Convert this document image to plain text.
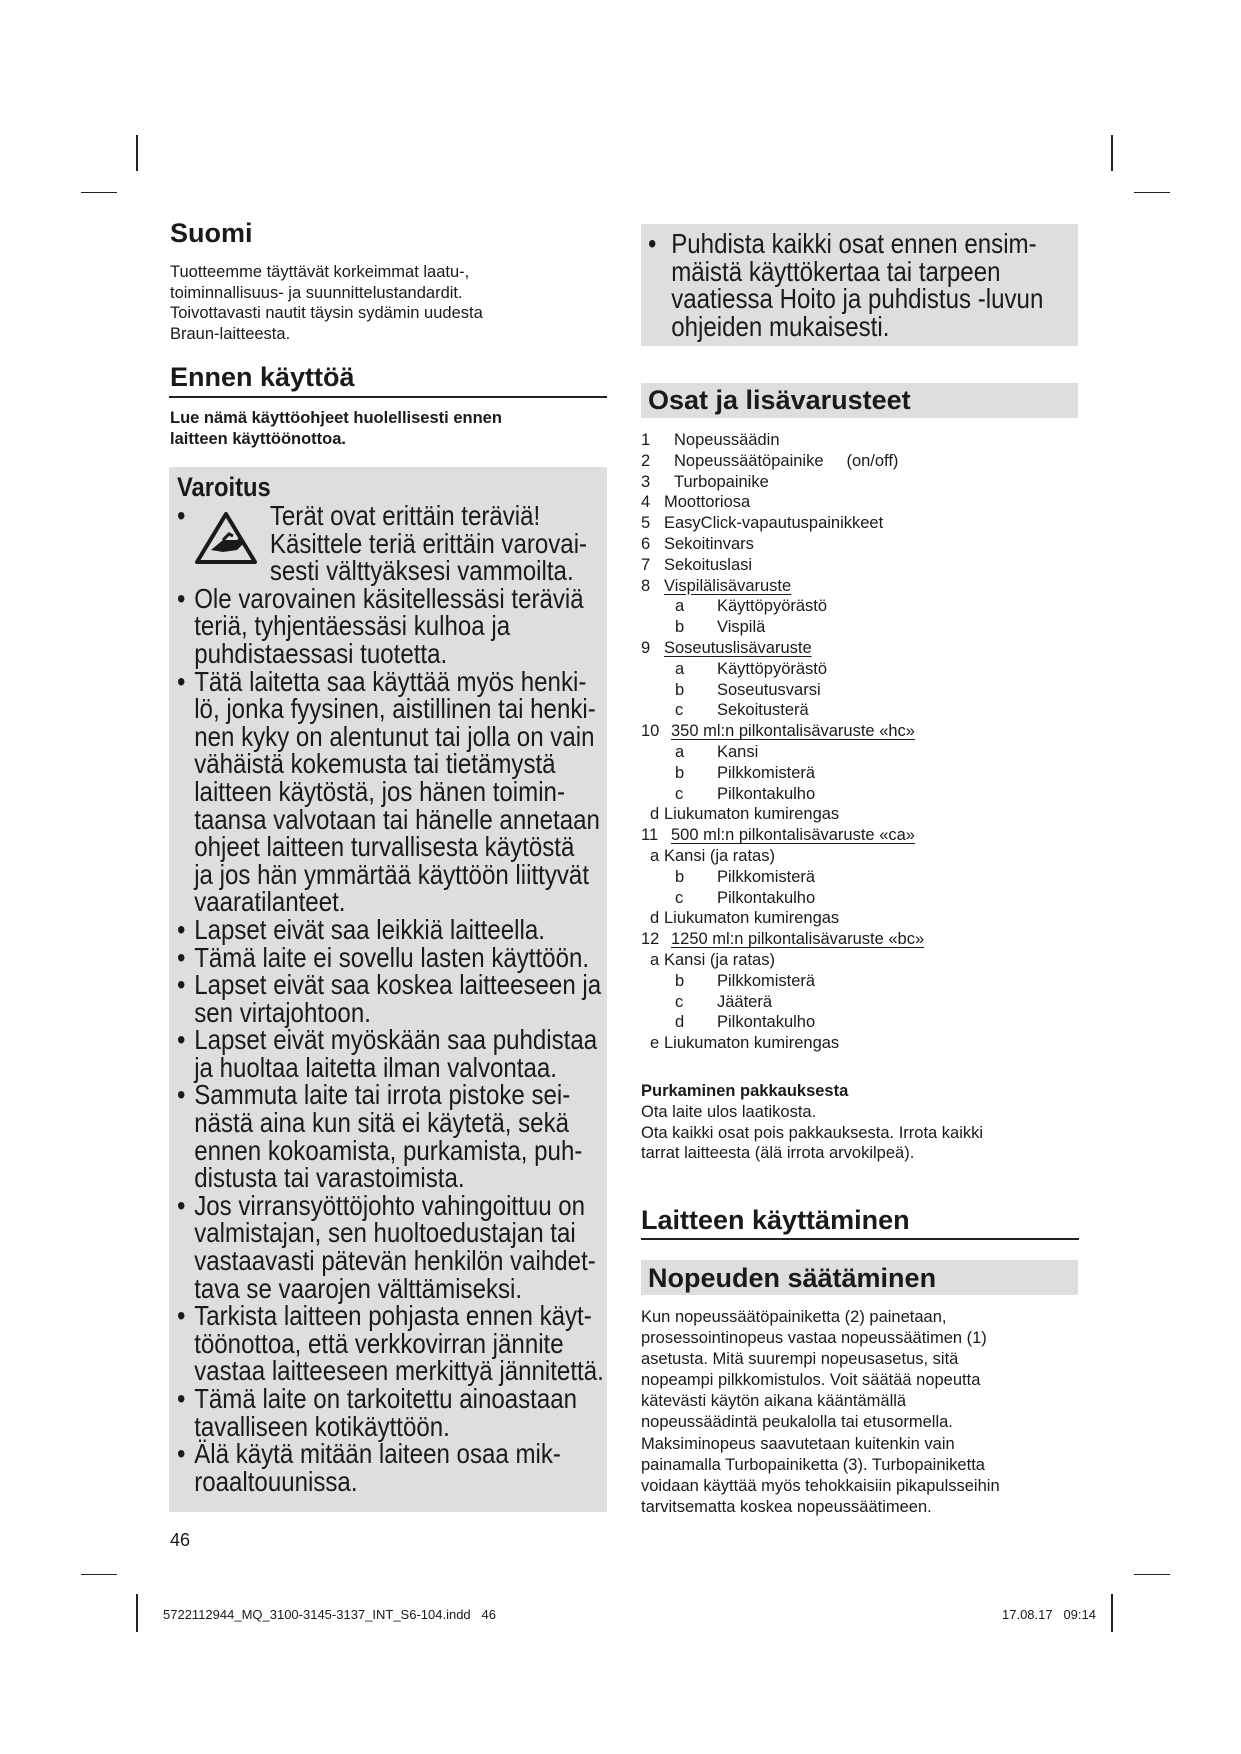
Suomi
Tuotteemme täyttävät korkeimmat laatu-,
toiminnallisuus- ja suunnittelustandardit.
Toivottavasti nautit täysin sydämin uudesta
Braun-laitteesta.
Ennen käyttöä
Lue nämä käyttöohjeet huolellisesti ennen
laitteen käyttöönottoa.
Varoitus
•	Terät ovat erittäin teräviä!
Käsittele teriä erittäin varovai-
sesti välttyäksesi vammoilta.
• Ole varovainen käsitellessäsi teräviä
teriä, tyhjentäessäsi kulhoa ja
puhdistaessasi tuotetta.
• Tätä laitetta saa käyttää myös henki-
lö, jonka fyysinen, aistillinen tai henki-
nen kyky on alentunut tai jolla on vain
vähäistä kokemusta tai tietämystä
laitteen käytöstä, jos hänen toimin-
taansa valvotaan tai hänelle annetaan
ohjeet laitteen turvallisesta käytöstä
ja jos hän ymmärtää käyttöön liittyvät
vaaratilanteet.
• Lapset eivät saa leikkiä laitteella.
• Tämä laite ei sovellu lasten käyttöön.
• Lapset eivät saa koskea laitteeseen ja
sen virtajohtoon.
• Lapset eivät myöskään saa puhdistaa
ja huoltaa laitetta ilman valvontaa.
• Sammuta laite tai irrota pistoke sei-
nästä aina kun sitä ei käytetä, sekä
ennen kokoamista, purkamista, puh-
distusta tai varastoimista.
• Jos virransyöttöjohto vahingoittuu on
valmistajan, sen huoltoedustajan tai
vastaavasti pätevän henkilön vaihdet-
tava se vaarojen välttämiseksi.
• Tarkista laitteen pohjasta ennen käyt-
töönottoa, että verkkovirran jännite
vastaa laitteeseen merkittyä jännitettä.
• Tämä laite on tarkoitettu ainoastaan
tavalliseen kotikäyttöön.
• Älä käytä mitään laiteen osaa mik-
roaaltouunissa.
46
• Puhdista kaikki osat ennen ensim-
mäistä käyttökertaa tai tarpeen
vaatiessa Hoito ja puhdistus -luvun
ohjeiden mukaisesti.
Osat ja lisävarusteet
1 Nopeussäädin
2 Nopeussäätöpainike     (on/off)
3 Turbopainike
4 Moottoriosa
5 EasyClick-vapautuspainikkeet
6 Sekoitinvars
7 Sekoituslasi
8 Vispilälisävaruste
a Käyttöpyörästö
b Vispilä
9 Soseutuslisävaruste
a Käyttöpyörästö
b Soseutusvarsi
c Sekoitusterä
10 350 ml:n pilkontalisävaruste «hc»
a Kansi
b Pilkkomisterä
c Pilkontakulho
d Liukumaton kumirengas
11 500 ml:n pilkontalisävaruste «ca»
a Kansi (ja ratas)
b Pilkkomisterä
c Pilkontakulho
d Liukumaton kumirengas
12 1250 ml:n pilkontalisävaruste «bc»
a Kansi (ja ratas)
b Pilkkomisterä
c Jääterä
d Pilkontakulho
e Liukumaton kumirengas
Purkaminen pakkauksesta
Ota laite ulos laatikosta.
Ota kaikki osat pois pakkauksesta. Irrota kaikki
tarrat laitteesta (älä irrota arvokilpeä).
Laitteen käyttäminen
Nopeuden säätäminen
Kun nopeussäätöpainiketta (2) painetaan,
prosessointinopeus vastaa nopeussäätimen (1)
asetusta. Mitä suurempi nopeusasetus, sitä
nopeampi pilkkomistulos. Voit säätää nopeutta
kätevästi käytön aikana kääntämällä
nopeussäädintä peukalolla tai etusormella.
Maksiminopeus saavutetaan kuitenkin vain
painamalla Turbopainiketta (3). Turbopainiketta
voidaan käyttää myös tehokkaisiin pikapulsseihin
tarvitsematta koskea nopeussäätimeen.
5722112944_MQ_3100-3145-3137_INT_S6-104.indd   46	17.08.17   09:14
